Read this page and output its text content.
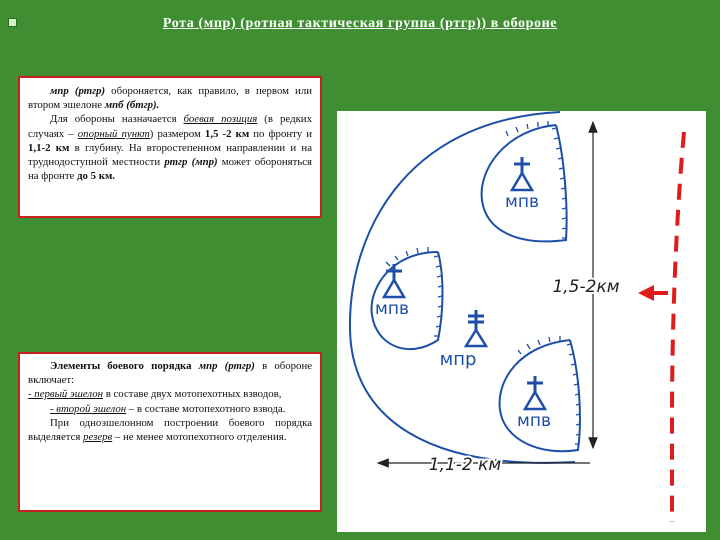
Рота (мпр) (ротная тактическая группа (ртгр)) в обороне

мпр (ртгр) обороняется, как правило, в первом или втором эшелоне мпб (бтгр).

Для обороны назначается боевая позиция (в редких случаях – опорный пункт) размером 1,5 -2 км по фронту и 1,1-2 км в глубину. На второстепенном направлении и на труднодоступной местности ртгр (мпр) может обороняться на фронте до 5 км.

Элементы боевого порядка мпр (ртгр) в обороне включает:

- первый эшелон в составе двух мотопехотных взводов,

- второй эшелон – в составе мотопехотного взвода.

При одноэшелонном построении боевого порядка выделяется резерв – не менее мотопехотного отделения.

мпв
мпв
мпв
мпр
1,5-2км
1,1-2 км
